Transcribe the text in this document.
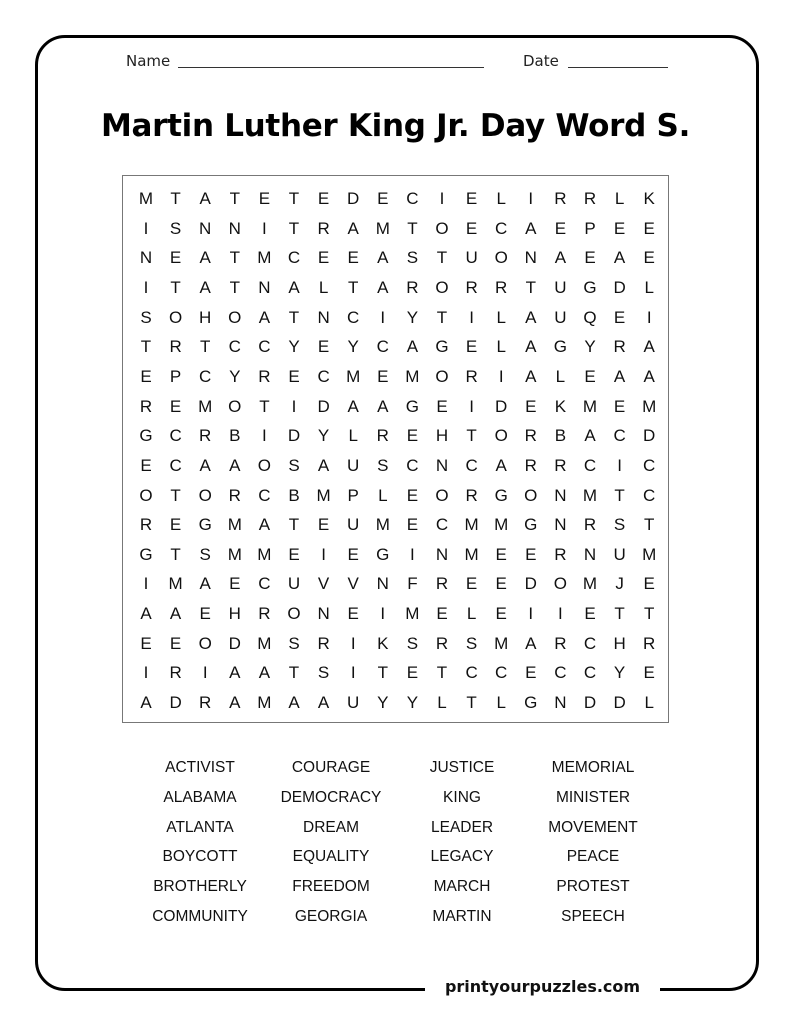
Name	Date
Martin Luther King Jr. Day Word S.
M	T	A	T	E	T	E	D	E	C	I	E	L	I	R	R	L	K
I	S	N	N	I	T	R	A M	T	O	E	C	A	E	P	E	E
N	E	A	T	M C	E	E	A	S	T	U O N	A	E	A	E
I	T	A	T	N	A	L	T	A	R O R	R	T	U G D	L
S	O H O	A	T	N	C	I	Y	T	I	L	A	U Q	E	I
T	R	T	C	C	Y	E	Y	C	A	G	E	L	A	G	Y	R	A
E	P	C	Y	R	E	C M E M O R	I	A	L	E	A	A
R	E M O	T	I	D	A	A	G	E	I	D	E	K M E M
G C	R	B	I	D	Y	L	R	E	H	T	O R	B	A	C	D
E	C	A	A	O	S	A	U	S	C	N	C	A	R	R	C	I	C
O	T	O R	C	B M P	L	E	O R G O N M	T	C
R	E	G M A	T	E	U M E	C M M G N	R	S	T
G	T	S M M E	I	E	G	I	N M E	E	R	N	U M
I	M A	E	C	U	V	V	N	F	R	E	E	D O M	J	E
A	A	E	H	R O N	E	I	M E	L	E	I	I	E	T	T
E	E	O D M S	R	I	K	S	R	S M A	R	C	H	R
I	R	I	A	A	T	S	I	T	E	T	C	C	E	C	C	Y	E
A	D	R	A M A	A	U	Y	Y	L	T	L	G N	D	D	L
ACTIVIST
ALABAMA
ATLANTA
BOYCOTT
BROTHERLY
COMMUNITY
COURAGE
DEMOCRACY
DREAM
EQUALITY
FREEDOM
GEORGIA
JUSTICE
KING
LEADER
LEGACY
MARCH
MARTIN
MEMORIAL
MINISTER
MOVEMENT
PEACE
PROTEST
SPEECH
printyourpuzzles.com
